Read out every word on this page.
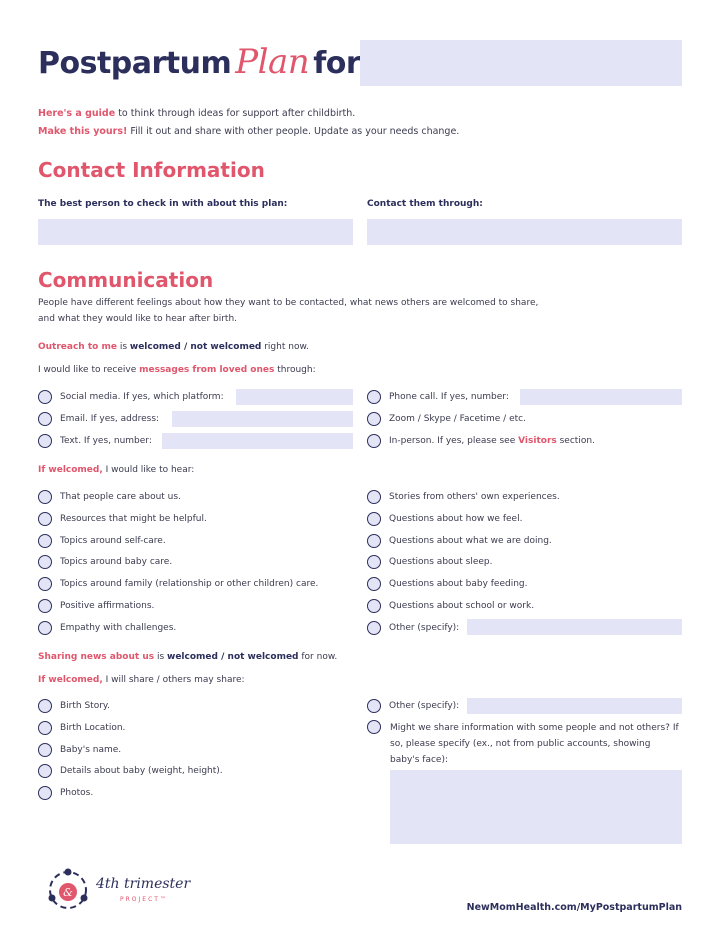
Postpartum Plan for
Here's a guide to think through ideas for support after childbirth.
Make this yours! Fill it out and share with other people. Update as your needs change.
Contact Information
The best person to check in with about this plan:	Contact them through:
Communication
People have different feelings about how they want to be contacted, what news others are welcomed to share,
and what they would like to hear after birth.
Outreach to me is welcomed / not welcomed right now.
I would like to receive messages from loved ones through:
Social media. If yes, which platform:
Email. If yes, address:
Text. If yes, number:
Phone call. If yes, number:
Zoom / Skype / Facetime / etc.
In-person. If yes, please see Visitors section.
If welcomed, I would like to hear:
That people care about us.
Resources that might be helpful.
Topics around self-care.
Topics around baby care.
Topics around family (relationship or other children) care.
Positive affirmations.
Empathy with challenges.
Stories from others' own experiences.
Questions about how we feel.
Questions about what we are doing.
Questions about sleep.
Questions about baby feeding.
Questions about school or work.
Other (specify):
Sharing news about us is welcomed / not welcomed for now.
If welcomed, I will share / others may share:
Birth Story.
Birth Location.
Baby's name.
Details about baby (weight, height).
Photos.
Other (specify):
Might we share information with some people and not others? If so, please specify (ex., not from public accounts, showing baby's face):
&
4th trimester
PROJECT™
NewMomHealth.com/MyPostpartumPlan
